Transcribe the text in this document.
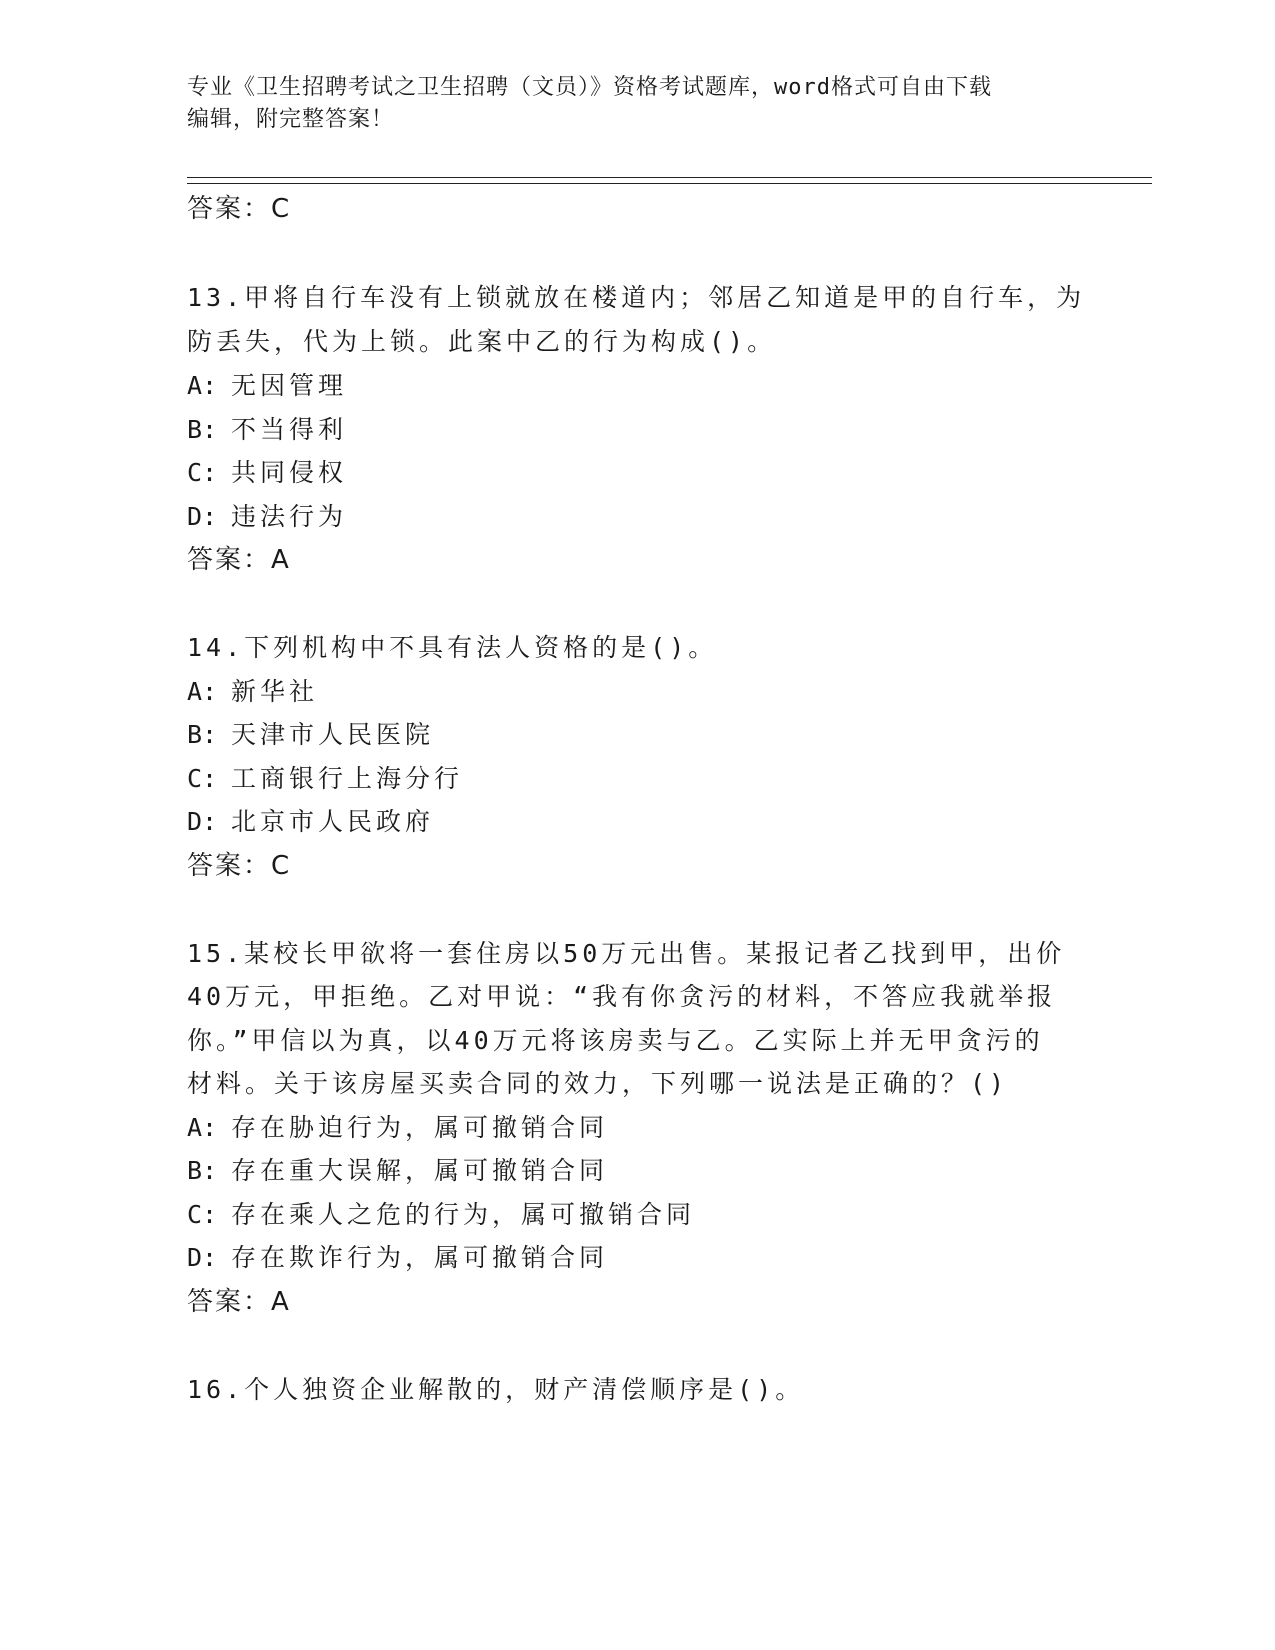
专业《卫生招聘考试之卫生招聘（文员）》资格考试题库，word格式可自由下载
编辑，附完整答案！
答案：C
13.甲将自行车没有上锁就放在楼道内；邻居乙知道是甲的自行车，为
防丢失，代为上锁。此案中乙的行为构成()。
A: 无因管理
B: 不当得利
C: 共同侵权
D: 违法行为
答案：A
14.下列机构中不具有法人资格的是()。
A: 新华社
B: 天津市人民医院
C: 工商银行上海分行
D: 北京市人民政府
答案：C
15.某校长甲欲将一套住房以50万元出售。某报记者乙找到甲，出价
40万元，甲拒绝。乙对甲说：“我有你贪污的材料，不答应我就举报
你。”甲信以为真，以40万元将该房卖与乙。乙实际上并无甲贪污的
材料。关于该房屋买卖合同的效力，下列哪一说法是正确的？()
A: 存在胁迫行为，属可撤销合同
B: 存在重大误解，属可撤销合同
C: 存在乘人之危的行为，属可撤销合同
D: 存在欺诈行为，属可撤销合同
答案：A
16.个人独资企业解散的，财产清偿顺序是()。
